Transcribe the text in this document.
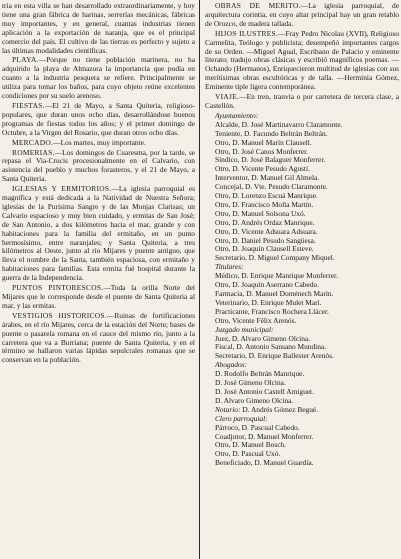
tria en esta villa se han desarrollado extraordinariamente, y hoy tiene una gran fábrica de harinas, serrerías mecánicas, fábricas muy importantes, y en general, cuantas industrias tienen aplicación a la exportación de naranja, que es el principal comercio del país. El cultivo de las tierras es perfecto y sujeto a las últimas modalidades científicas.

PLAYA.—Porque no tiene población marinera, no ha adquirido la playa de Almazora la importancia que podía en cuanto a la industria pesquera se refiere. Principalmente se utiliza para tomar los baños, para cuyo objeto reúne excelentes condiciones por su suelo arenoso.

FIESTAS.—El 21 de Mayo, a Santa Quiteria, religioso-populares, que duran unos ocho días, desarrollándose buenos programas de fiestas todos los años; y el primer domingo de Octubre, a la Virgen del Rosario, que duran otros ocho días.

MERCADO.—Los martes, muy importante.

ROMERIAS.—Los domingos de Cuaresma, por la tarde, se repasa el Via-Crucis procesionalmente en el Calvario, con asistencia del pueblo y muchos forasteros, y el 21 de Mayo, a Santa Quiteria.

IGLESIAS Y ERMITORIOS.—La iglesia parroquial es magnífica y está dedicada a la Natividad de Nuestra Señora; iglesias de la Purísima Sangre y de las Monjas Clarisas; un Calvario espacioso y muy bien cuidado, y ermitas de San José; de San Antonio, a dos kilómetros hacia el mar, grande y con habitaciones para la familia del ermitaño, en un punto hermosísimo, entre naranjales; y Santa Quiteria, a tres kilómetros al Oeste, junto al río Mijares y puente antiguo, que lleva el nombre de la Santa, también espaciosa, con ermitaño y habitaciones para familias. Esta ermita fué hospital durante la guerra de la Independencia.

PUNTOS PINTORESCOS.—Toda la orilla Norte del Mijares que le corresponde desde el puente de Santa Quiteria al mar, y las ermitas.

VESTIGIOS HISTORICOS.—Ruinas de fortificaciones árabes, en el río Mijares, cerca de la estación del Norte; bases de puente o pasarela romana en el cauce del mismo río, junto a la carretera que va a Burriana; puente de Santa Quiteria, y en el término se hallaron varias lápidas sepulcrales romanas que se conservan en la población.

OBRAS DE MERITO.—La iglesia parroquial, de arquitectura corintia, en cuyo altar principal hay un gran retablo de Orozco, de madera tallada.

HIJOS ILUSTRES.—Fray Pedro Nicolau (XVII), Religioso Carmelita, Teólogo y publicista; desempeñó importantes cargos de su Orden. —Miguel Agual, Escribano de Palacio y eminente literato; tradujo obras clásicas y escribió magníficos poemas. —Ochando (Hermanos), Enriquecieron multitud de iglesias con sus merítísimas obras escultóricas y de talla. —Herminia Gómez, Eminente tiple ligera contemporánea.

VIAJE.—En tren, tranvía o por carretera de tercera clase, a Castellón.

Ayuntamiento:

Alcalde, D. José Martinavarro Claramonte.

Teniente, D. Facundo Beltrán Beltrán.

Otro, D. Manuel Marín Clausell.

Otro, D. José Canos Monferrer.

Síndico, D. José Balaguer Monferrer.

Otro, D. Vicente Pesudo Agustí.

Interventor, D. Manuel Gil Almela.

Concejal, D. Vte. Pesudo Claramonte.

Otro, D. Lorenzo Escuá Manrique.

Otro, D. Francisco Molla Martín.

Otro, D. Manuel Solsona Uxó.

Otro, D. Andrés Ordaz Manrique.

Otro, D. Vicente Adsuara Adsuara.

Otro, D. Daniel Pesudo Sangüesa.

Otro, D. Joaquín Clausell Esteve.

Secretario, D. Miguel Company Miquel.

Titulares:

Médico, D. Enrique Manrique Monferrer.

Otro, D. Joaquín Aserrano Cabedo.

Farmacia, D. Manuel Doménech Marín.

Veterinario, D. Enrique Mulet Marí.

Practicante, Francisco Rochera Llácer.

Otro, Vicente Félix Arenós.

Juzgado municipal:

Juez, D. Alvaro Gimeno Olcina.

Fiscal, D. Antonio Sansano Mundina.

Secretario, D. Enrique Ballester Arenós.

Abogados:

D. Rodolfo Beltrán Manrique.

D. José Gimeno Olcina.

D. José Antonio Castell Amiguet.

D. Alvaro Gimeno Olcina.

Notario: D. Andrés Gómez Begué.

Clero parroquial:

Párroco, D. Pascual Cabedo.

Coadjutor, D. Manuel Monferrer.

Otro, D. Manuel Bosch.

Otro, D. Pascual Uxó.

Beneficiado, D. Manuel Guardia.
